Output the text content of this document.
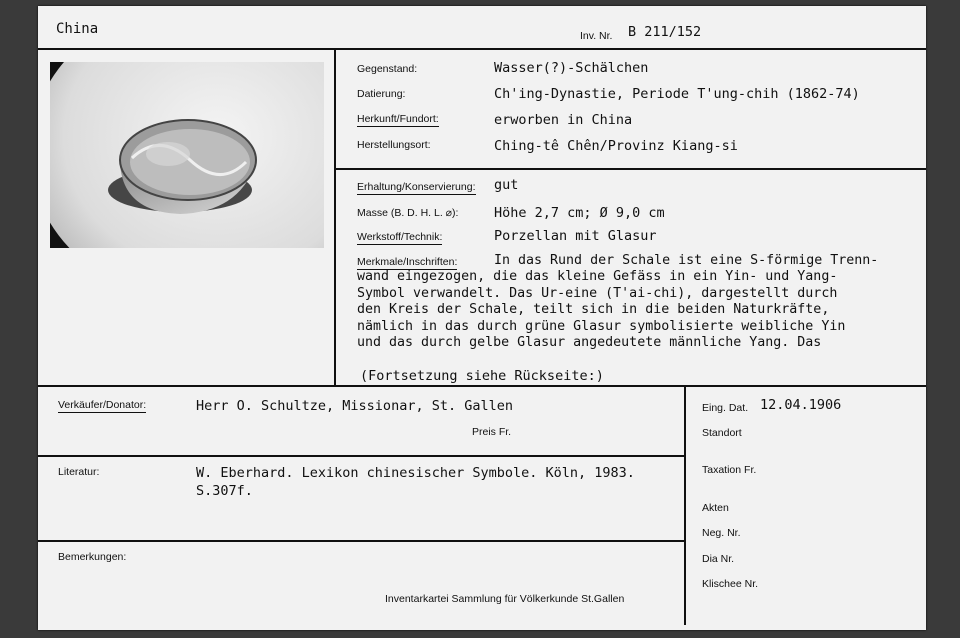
China	Inv. Nr. B 211/152
Gegenstand:	Wasser(?)-Schälchen
Datierung:	Ch'ing-Dynastie, Periode T'ung-chih (1862-74)
Herkunft/Fundort:	erworben in China
Herstellungsort:	Ching-tê Chên/Provinz Kiang-si
Erhaltung/Konservierung: gut
Masse (B. D. H. L. ⌀):	Höhe 2,7 cm; Ø 9,0 cm
Werkstoff/Technik:	Porzellan mit Glasur
Merkmale/Inschriften:	In das Rund der Schale ist eine S-förmige Trenn-
wand eingezogen, die das kleine Gefäss in ein Yin- und Yang-
Symbol verwandelt. Das Ur-eine (T'ai-chi), dargestellt durch
den Kreis der Schale, teilt sich in die beiden Naturkräfte,
nämlich in das durch grüne Glasur symbolisierte weibliche Yin
und das durch gelbe Glasur angedeutete männliche Yang. Das
(Fortsetzung siehe Rückseite:)
Verkäufer/Donator:	Herr O. Schultze, Missionar, St. Gallen
Preis Fr.
Literatur:	W. Eberhard. Lexikon chinesischer Symbole. Köln, 1983.
S.307f.
Bemerkungen:
Inventarkartei Sammlung für Völkerkunde St.Gallen
Eing. Dat. 12.04.1906
Standort
Taxation Fr.
Akten
Neg. Nr.
Dia Nr.
Klischee Nr.
